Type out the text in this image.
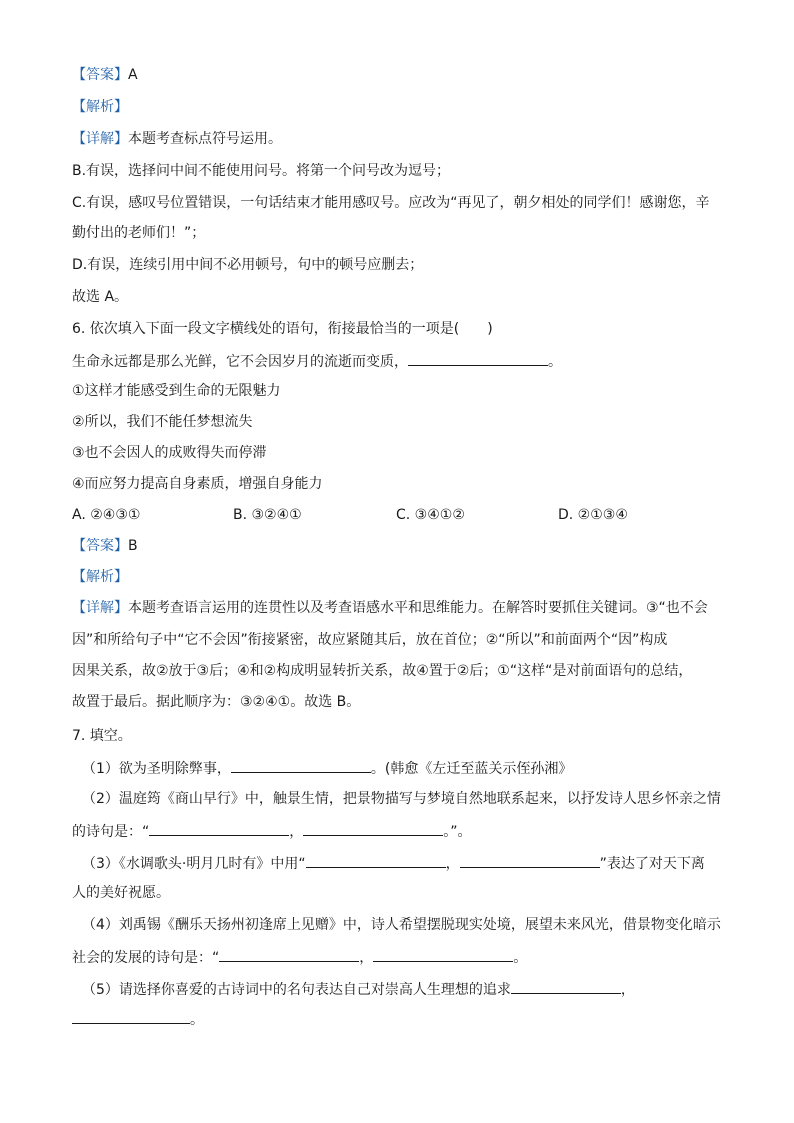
【答案】A
【解析】
【详解】本题考查标点符号运用。
B.有误，选择问中间不能使用问号。将第一个问号改为逗号；
C.有误，感叹号位置错误，一句话结束才能用感叹号。应改为“再见了，朝夕相处的同学们！感谢您，辛
勤付出的老师们！”；
D.有误，连续引用中间不必用顿号，句中的顿号应删去；
故选 A。
6. 依次填入下面一段文字横线处的语句，衔接最恰当的一项是(　　)
生命永远都是那么光鲜，它不会因岁月的流逝而变质，	。
①这样才能感受到生命的无限魅力
②所以，我们不能任梦想流失
③也不会因人的成败得失而停滞
④而应努力提高自身素质，增强自身能力
A. ②④③①	B. ③②④①	C. ③④①②	D. ②①③④
【答案】B
【解析】
【详解】本题考查语言运用的连贯性以及考查语感水平和思维能力。在解答时要抓住关键词。③“也不会
因”和所给句子中“它不会因”衔接紧密，故应紧随其后，放在首位；②“所以”和前面两个“因”构成
因果关系，故②放于③后；④和②构成明显转折关系，故④置于②后；①“这样“是对前面语句的总结，
故置于最后。据此顺序为：③②④①。故选 B。
7. 填空。
（1）欲为圣明除弊事，	。(韩愈《左迁至蓝关示侄孙湘》
（2）温庭筠《商山早行》中，触景生情，把景物描写与梦境自然地联系起来，以抒发诗人思乡怀亲之情
的诗句是：“	，	。”。
（3）《水调歌头·明月几时有》中用“	，	”表达了对天下离
人的美好祝愿。
（4）刘禹锡《酬乐天扬州初逢席上见赠》中，诗人希望摆脱现实处境，展望未来风光，借景物变化暗示
社会的发展的诗句是：“	，	。
（5）请选择你喜爱的古诗词中的名句表达自己对崇高人生理想的追求	，
。
